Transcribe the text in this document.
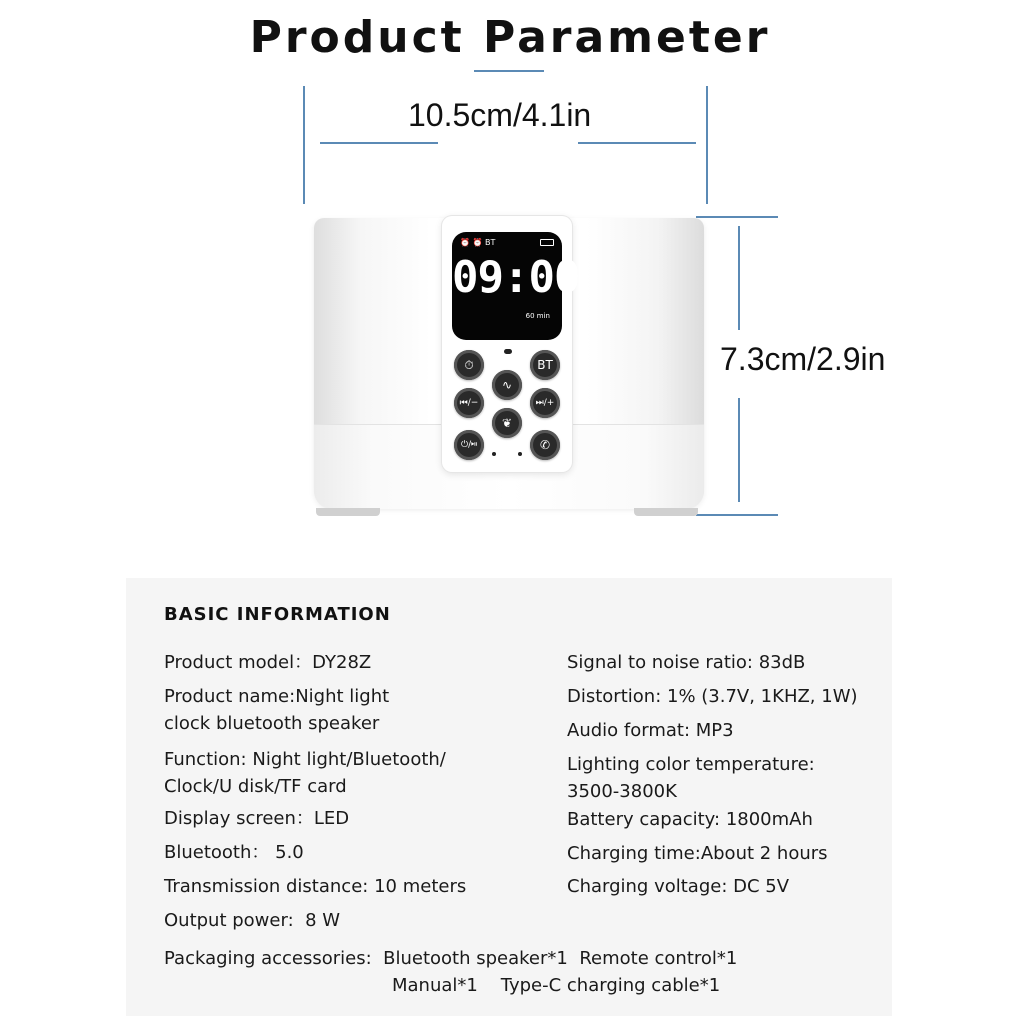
Product Parameter
10.5cm/4.1in
7.3cm/2.9in
⏰ ⏰ BT
09:00
60 min
⏱	BT
∿
⏮/−	⏭/+
❦
⏻/⏯	✆
BASIC INFORMATION
Product model：DY28Z
Product name:Night light
clock bluetooth speaker
Function: Night light/Bluetooth/
Clock/U disk/TF card
Display screen：LED
Bluetooth： 5.0
Transmission distance: 10 meters
Output power: 8 W
Signal to noise ratio: 83dB
Distortion: 1% (3.7V, 1KHZ, 1W)
Audio format: MP3
Lighting color temperature:
3500-3800K
Battery capacity: 1800mAh
Charging time:About 2 hours
Charging voltage: DC 5V
Packaging accessories: Bluetooth speaker*1 Remote control*1
Manual*1 Type-C charging cable*1
